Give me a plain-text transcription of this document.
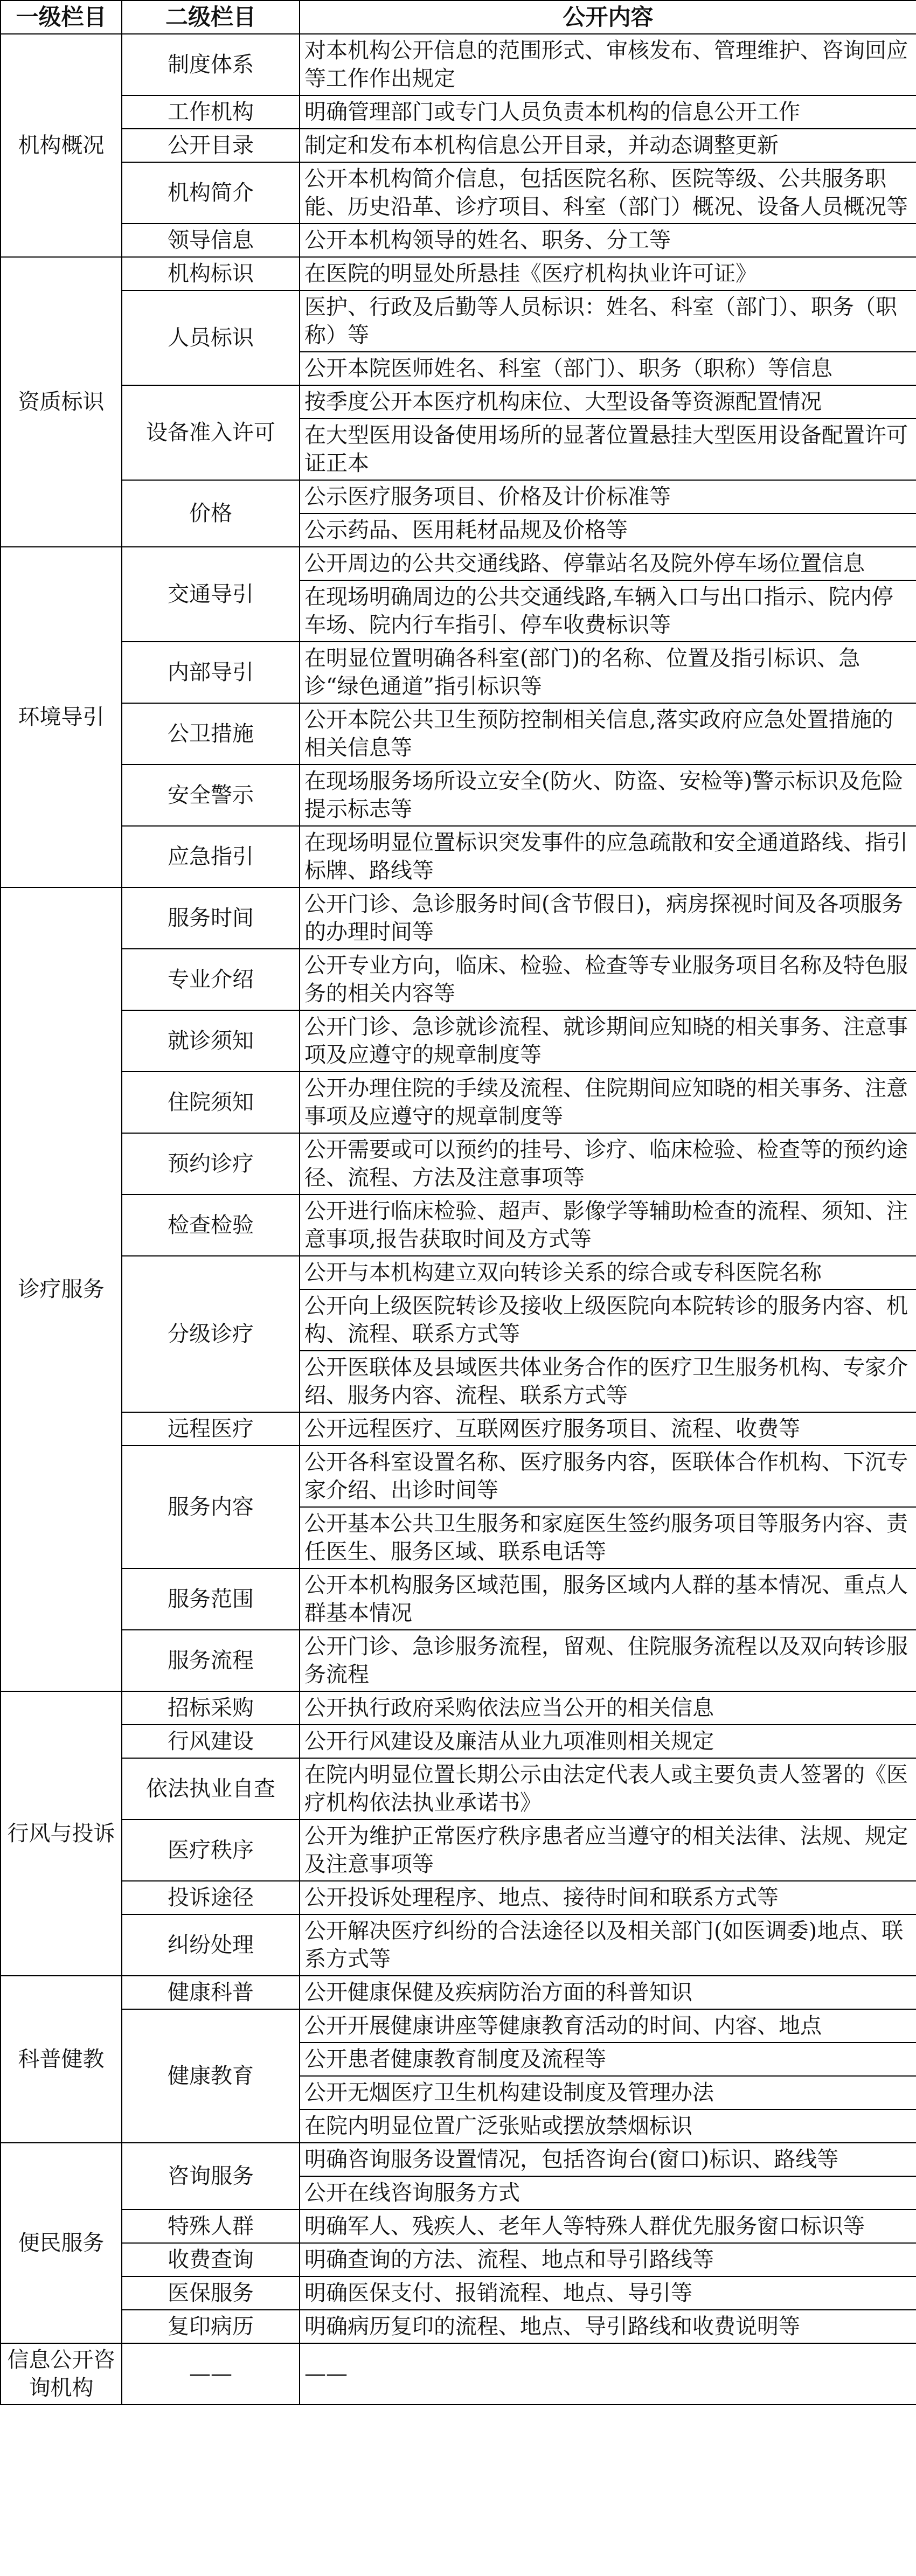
一级栏目	二级栏目	公开内容
机构概况	制度体系	对本机构公开信息的范围形式、审核发布、管理维护、咨询回应等工作作出规定
	工作机构	明确管理部门或专门人员负责本机构的信息公开工作
	公开目录	制定和发布本机构信息公开目录，并动态调整更新
	机构简介	公开本机构简介信息，包括医院名称、医院等级、公共服务职能、历史沿革、诊疗项目、科室（部门）概况、设备人员概况等
	领导信息	公开本机构领导的姓名、职务、分工等
资质标识	机构标识	在医院的明显处所悬挂《医疗机构执业许可证》
	人员标识	医护、行政及后勤等人员标识：姓名、科室（部门）、职务（职称）等
		公开本院医师姓名、科室（部门）、职务（职称）等信息
	设备准入许可	按季度公开本医疗机构床位、大型设备等资源配置情况
		在大型医用设备使用场所的显著位置悬挂大型医用设备配置许可证正本
	价格	公示医疗服务项目、价格及计价标准等
		公示药品、医用耗材品规及价格等
环境导引	交通导引	公开周边的公共交通线路、停靠站名及院外停车场位置信息
		在现场明确周边的公共交通线路,车辆入口与出口指示、院内停车场、院内行车指引、停车收费标识等
	内部导引	在明显位置明确各科室(部门)的名称、位置及指引标识、急诊“绿色通道”指引标识等
	公卫措施	公开本院公共卫生预防控制相关信息,落实政府应急处置措施的相关信息等
	安全警示	在现场服务场所设立安全(防火、防盗、安检等)警示标识及危险提示标志等
	应急指引	在现场明显位置标识突发事件的应急疏散和安全通道路线、指引标牌、路线等
诊疗服务	服务时间	公开门诊、急诊服务时间(含节假日)，病房探视时间及各项服务的办理时间等
	专业介绍	公开专业方向，临床、检验、检查等专业服务项目名称及特色服务的相关内容等
	就诊须知	公开门诊、急诊就诊流程、就诊期间应知晓的相关事务、注意事项及应遵守的规章制度等
	住院须知	公开办理住院的手续及流程、住院期间应知晓的相关事务、注意事项及应遵守的规章制度等
	预约诊疗	公开需要或可以预约的挂号、诊疗、临床检验、检查等的预约途径、流程、方法及注意事项等
	检查检验	公开进行临床检验、超声、影像学等辅助检查的流程、须知、注意事项,报告获取时间及方式等
	分级诊疗	公开与本机构建立双向转诊关系的综合或专科医院名称
		公开向上级医院转诊及接收上级医院向本院转诊的服务内容、机构、流程、联系方式等
		公开医联体及县域医共体业务合作的医疗卫生服务机构、专家介绍、服务内容、流程、联系方式等
	远程医疗	公开远程医疗、互联网医疗服务项目、流程、收费等
	服务内容	公开各科室设置名称、医疗服务内容，医联体合作机构、下沉专家介绍、出诊时间等
		公开基本公共卫生服务和家庭医生签约服务项目等服务内容、责任医生、服务区域、联系电话等
	服务范围	公开本机构服务区域范围，服务区域内人群的基本情况、重点人群基本情况
	服务流程	公开门诊、急诊服务流程，留观、住院服务流程以及双向转诊服务流程
行风与投诉	招标采购	公开执行政府采购依法应当公开的相关信息
	行风建设	公开行风建设及廉洁从业九项准则相关规定
	依法执业自查	在院内明显位置长期公示由法定代表人或主要负责人签署的《医疗机构依法执业承诺书》
	医疗秩序	公开为维护正常医疗秩序患者应当遵守的相关法律、法规、规定及注意事项等
	投诉途径	公开投诉处理程序、地点、接待时间和联系方式等
	纠纷处理	公开解决医疗纠纷的合法途径以及相关部门(如医调委)地点、联系方式等
科普健教	健康科普	公开健康保健及疾病防治方面的科普知识
	健康教育	公开开展健康讲座等健康教育活动的时间、内容、地点
		公开患者健康教育制度及流程等
		公开无烟医疗卫生机构建设制度及管理办法
		在院内明显位置广泛张贴或摆放禁烟标识
便民服务	咨询服务	明确咨询服务设置情况，包括咨询台(窗口)标识、路线等
		公开在线咨询服务方式
	特殊人群	明确军人、残疾人、老年人等特殊人群优先服务窗口标识等
	收费查询	明确查询的方法、流程、地点和导引路线等
	医保服务	明确医保支付、报销流程、地点、导引等
	复印病历	明确病历复印的流程、地点、导引路线和收费说明等
信息公开咨询机构	——	——
